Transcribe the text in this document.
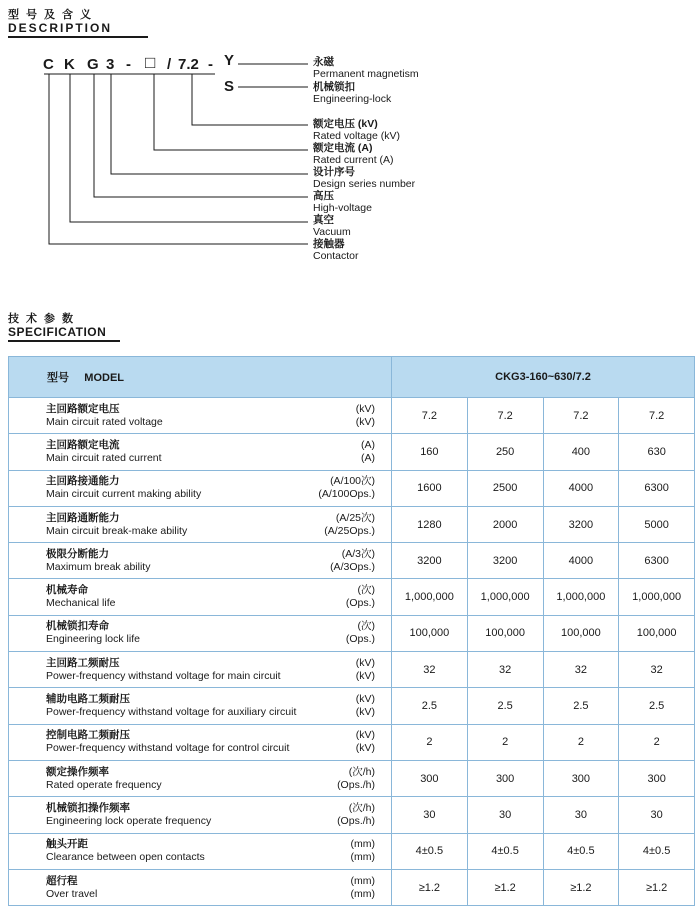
型号及含义
DESCRIPTION
C K G 3 - □ / 7.2 - Y
S
永磁
Permanent magnetism
机械锁扣
Engineering-lock
额定电压 (kV)
Rated voltage (kV)
额定电流 (A)
Rated current (A)
设计序号
Design series number
高压
High-voltage
真空
Vacuum
接触器
Contactor
技术参数
SPECIFICATION
型号 MODEL	CKG3-160~630/7.2			

主回路额定电压
Main circuit rated voltage
(kV)
(kV)	7.2	7.2	7.2	7.2

主回路额定电流
Main circuit rated current
(A)
(A)	160	250	400	630

主回路接通能力
Main circuit current making ability
(A/100次)
(A/100Ops.)	1600	2500	4000	6300

主回路通断能力
Main circuit break-make ability
(A/25次)
(A/25Ops.)	1280	2000	3200	5000

极限分断能力
Maximum break ability
(A/3次)
(A/3Ops.)	3200	3200	4000	6300

机械寿命
Mechanical life
(次)
(Ops.)	1,000,000	1,000,000	1,000,000	1,000,000

机械锁扣寿命
Engineering lock life
(次)
(Ops.)	100,000	100,000	100,000	100,000

主回路工频耐压
Power-frequency withstand voltage for main circuit
(kV)
(kV)	32	32	32	32

辅助电路工频耐压
Power-frequency withstand voltage for auxiliary circuit
(kV)
(kV)	2.5	2.5	2.5	2.5

控制电路工频耐压
Power-frequency withstand voltage for control circuit
(kV)
(kV)	2	2	2	2

额定操作频率
Rated operate frequency
(次/h)
(Ops./h)	300	300	300	300

机械锁扣操作频率
Engineering lock operate frequency
(次/h)
(Ops./h)	30	30	30	30

触头开距
Clearance between open contacts
(mm)
(mm)	4±0.5	4±0.5	4±0.5	4±0.5

超行程
Over travel
(mm)
(mm)	≥1.2	≥1.2	≥1.2	≥1.2
